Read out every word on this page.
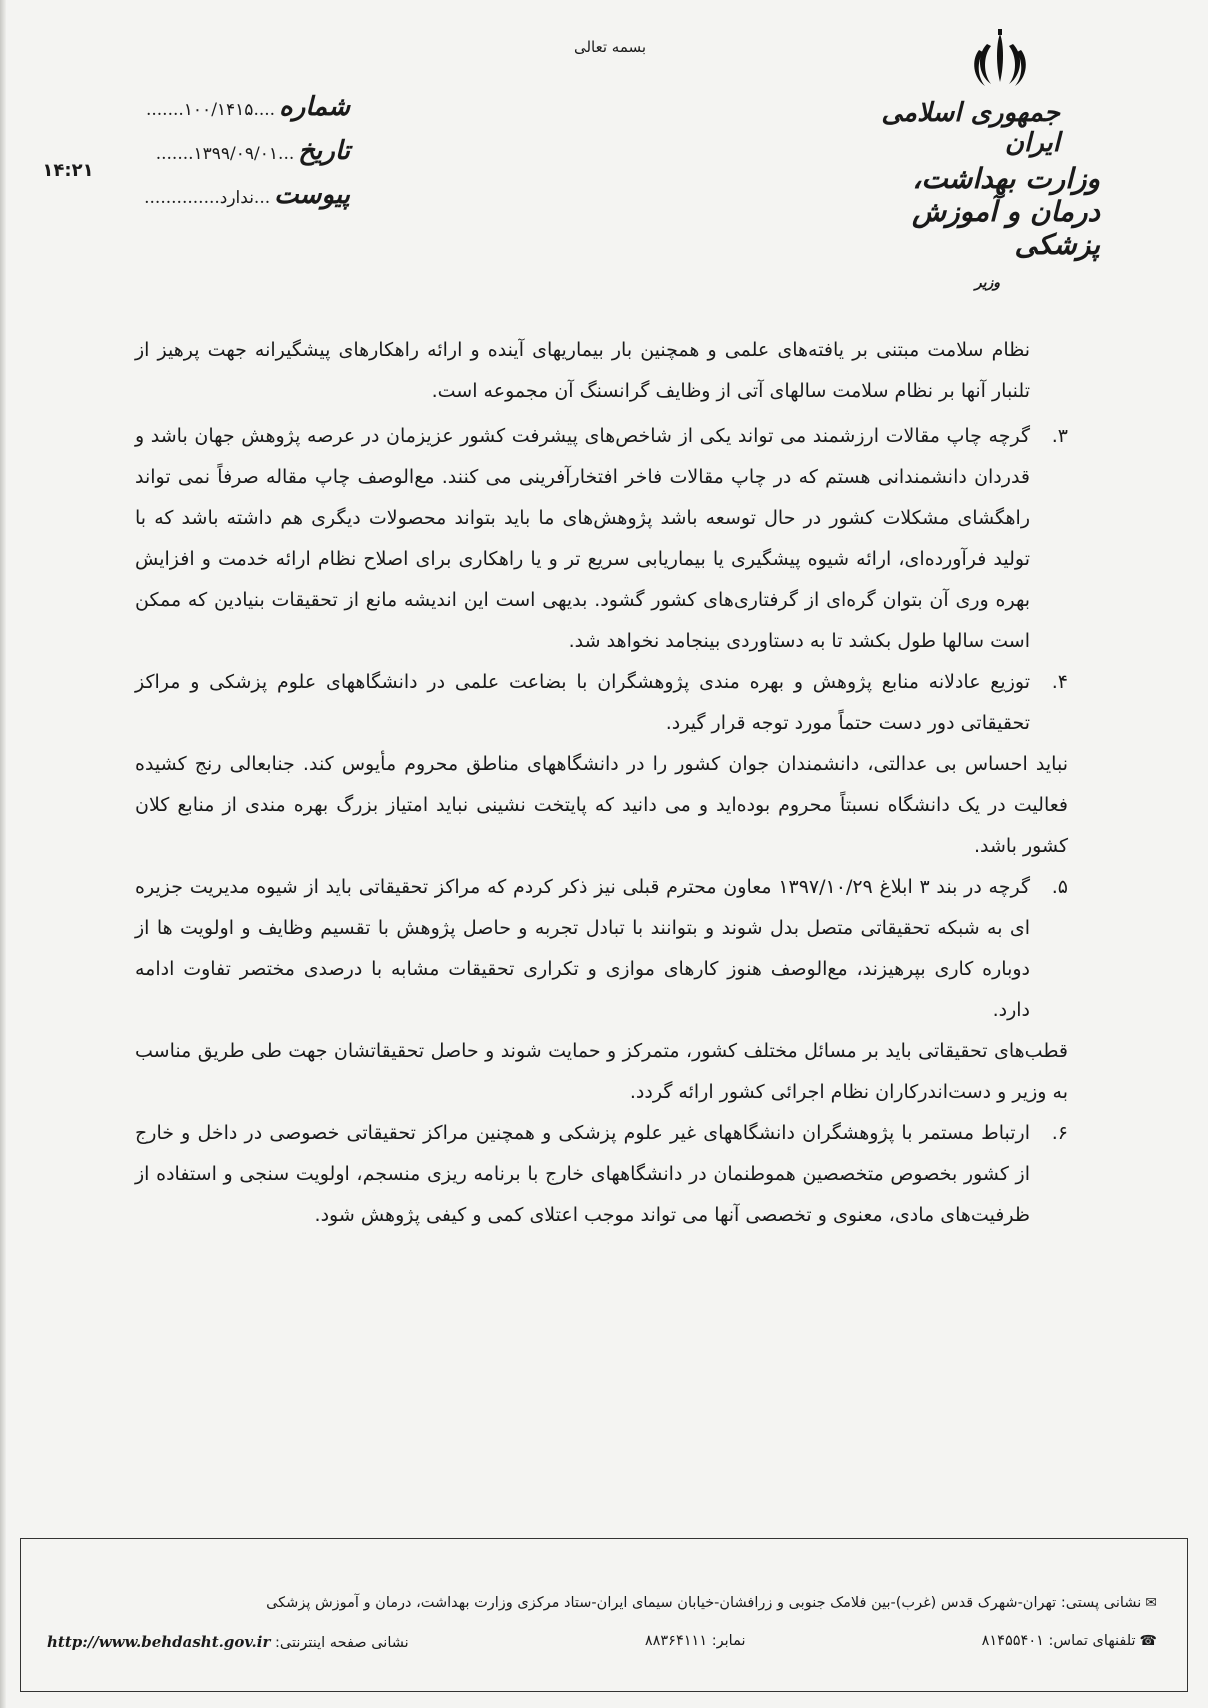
بسمه تعالی
جمهوری اسلامی ایران
وزارت بهداشت، درمان و آموزش پزشکی
وزیر
شماره
....۱۰۰/۱۴۱۵.......
تاریخ
...۱۳۹۹/۰۹/۰۱.......
پیوست
...ندارد..............
۱۴:۲۱

نظام سلامت مبتنی بر یافته‌های علمی و همچنین بار بیماریهای آینده و ارائه راهکارهای پیشگیرانه جهت پرهیز از تلنبار آنها بر نظام سلامت سالهای آتی از وظایف گرانسنگ آن مجموعه است.

۳.

گرچه چاپ مقالات ارزشمند می تواند یکی از شاخص‌های پیشرفت کشور عزیزمان در عرصه پژوهش جهان باشد و قدردان دانشمندانی هستم که در چاپ مقالات فاخر افتخارآفرینی می کنند. مع‌الوصف چاپ مقاله صرفاً نمی تواند راهگشای مشکلات کشور در حال توسعه باشد پژوهش‌های ما باید بتواند محصولات دیگری هم داشته باشد که با تولید فرآورده‌ای، ارائه شیوه پیشگیری یا بیماریابی سریع تر و یا راهکاری برای اصلاح نظام ارائه خدمت و افزایش بهره وری آن بتوان گره‌ای از گرفتاری‌های کشور گشود. بدیهی است این اندیشه مانع از تحقیقات بنیادین که ممکن است سالها طول بکشد تا به دستاوردی بینجامد نخواهد شد.

۴.

توزیع عادلانه منابع پژوهش و بهره مندی پژوهشگران با بضاعت علمی در دانشگاههای علوم پزشکی و مراکز تحقیقاتی دور دست حتماً مورد توجه قرار گیرد.

نباید احساس بی عدالتی، دانشمندان جوان کشور را در دانشگاههای مناطق محروم مأیوس کند. جنابعالی رنج کشیده فعالیت در یک دانشگاه نسبتاً محروم بوده‌اید و می دانید که پایتخت نشینی نباید امتیاز بزرگ بهره مندی از منابع کلان کشور باشد.

۵.

گرچه در بند ۳ ابلاغ ۱۳۹۷/۱۰/۲۹ معاون محترم قبلی نیز ذکر کردم که مراکز تحقیقاتی باید از شیوه مدیریت جزیره ای به شبکه تحقیقاتی متصل بدل شوند و بتوانند با تبادل تجربه و حاصل پژوهش با تقسیم وظایف و اولویت ها از دوباره کاری بپرهیزند، مع‌الوصف هنوز کارهای موازی و تکراری تحقیقات مشابه با درصدی مختصر تفاوت ادامه دارد.

قطب‌های تحقیقاتی باید بر مسائل مختلف کشور، متمرکز و حمایت شوند و حاصل تحقیقاتشان جهت طی طریق مناسب به وزیر و دست‌اندرکاران نظام اجرائی کشور ارائه گردد.

۶.

ارتباط مستمر با پژوهشگران دانشگاههای غیر علوم پزشکی و همچنین مراکز تحقیقاتی خصوصی در داخل و خارج از کشور بخصوص متخصصین هموطنمان در دانشگاههای خارج با برنامه ریزی منسجم، اولویت سنجی و استفاده از ظرفیت‌های مادی، معنوی و تخصصی آنها می تواند موجب اعتلای کمی و کیفی پژوهش شود.

✉نشانی پستی: تهران-شهرک قدس (غرب)-بین فلامک جنوبی و زرافشان-خیابان سیمای ایران-ستاد مرکزی وزارت بهداشت، درمان و آموزش پزشکی
☎تلفنهای تماس: ۸۱۴۵۵۴۰۱
نمابر: ۸۸۳۶۴۱۱۱
نشانی صفحه اینترنتی: http://www.behdasht.gov.ir
